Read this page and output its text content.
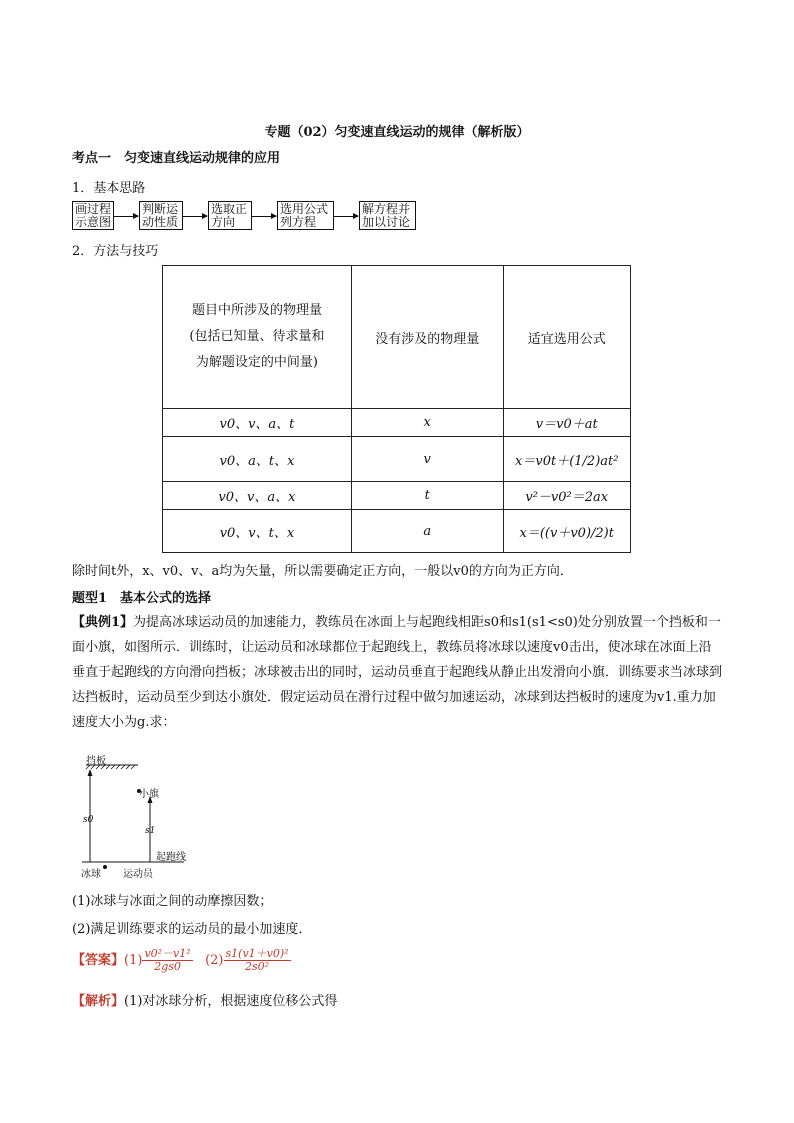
专题（02）匀变速直线运动的规律（解析版）
考点一　匀变速直线运动规律的应用
1．基本思路
画过程
示意图
判断运
动性质
选取正
方向
选用公式
列方程
解方程并
加以讨论
2．方法与技巧
题目中所涉及的物理量
(包括已知量、待求量和
为解题设定的中间量)	没有涉及的物理量	适宜选用公式
v0、v、a、t	x	v＝v0＋at
v0、a、t、x	v	x＝v0t＋(1/2)at²
v0、v、a、x	t	v²－v0²＝2ax
v0、v、t、x	a	x＝((v＋v0)/2)t
除时间t外，x、v0、v、a均为矢量，所以需要确定正方向，一般以v0的方向为正方向．
题型1　基本公式的选择
【典例1】为提高冰球运动员的加速能力，教练员在冰面上与起跑线相距s0和s1(s1<s0)处分别放置一个挡板和一面小旗，如图所示．训练时，让运动员和冰球都位于起跑线上，教练员将冰球以速度v0击出，使冰球在冰面上沿垂直于起跑线的方向滑向挡板；冰球被击出的同时，运动员垂直于起跑线从静止出发滑向小旗．训练要求当冰球到达挡板时，运动员至少到达小旗处．假定运动员在滑行过程中做匀加速运动，冰球到达挡板时的速度为v1.重力加速度大小为g.求：
挡板
小旗
s0
s1
起跑线
冰球 运动员
(1)冰球与冰面之间的动摩擦因数；
(2)满足训练要求的运动员的最小加速度．
【答案】$(1) \frac{\text{v0²－v1²}}{2gs0} (2) \frac{\text{s1(v1＋v0)²}}{\text{2s0²}}$
【解析】(1)对冰球分析，根据速度位移公式得
